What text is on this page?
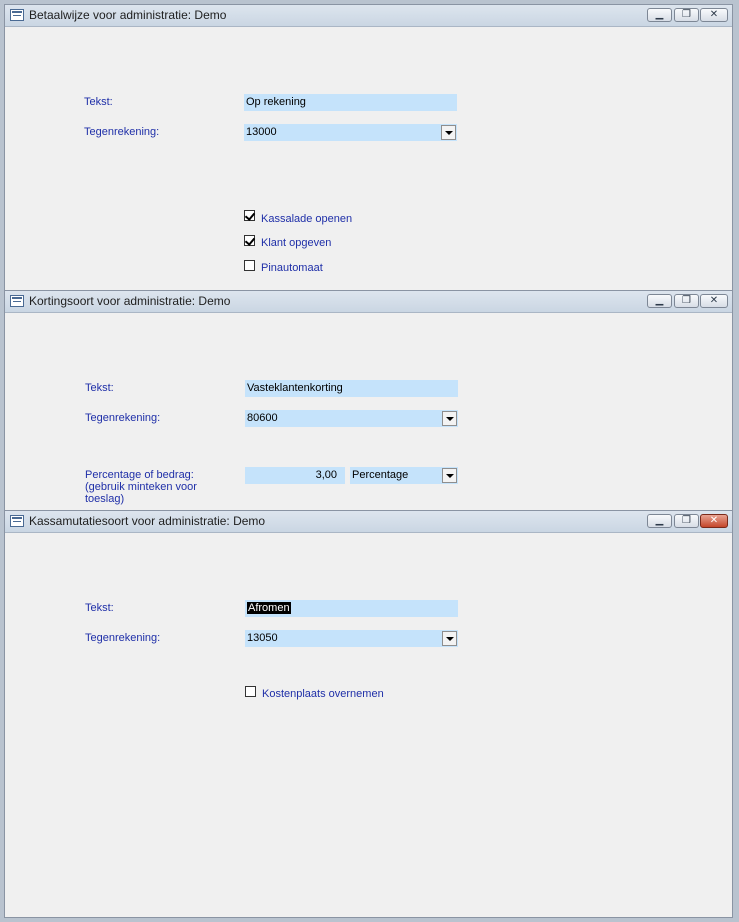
Betaalwijze voor administratie: Demo	▁	❐	✕
Tekst:	Op rekening
Tegenrekening:	13000
Kassalade openen
Klant opgeven
Pinautomaat
Kortingsoort voor administratie: Demo	▁	❐	✕
Tekst:	Vasteklantenkorting
Tegenrekening:	80600
Percentage of bedrag:
(gebruik minteken voor toeslag)
3,00	Percentage
Kassamutatiesoort voor administratie: Demo	▁	❐	✕
Tekst:	Afromen
Tegenrekening:	13050
Kostenplaats overnemen
